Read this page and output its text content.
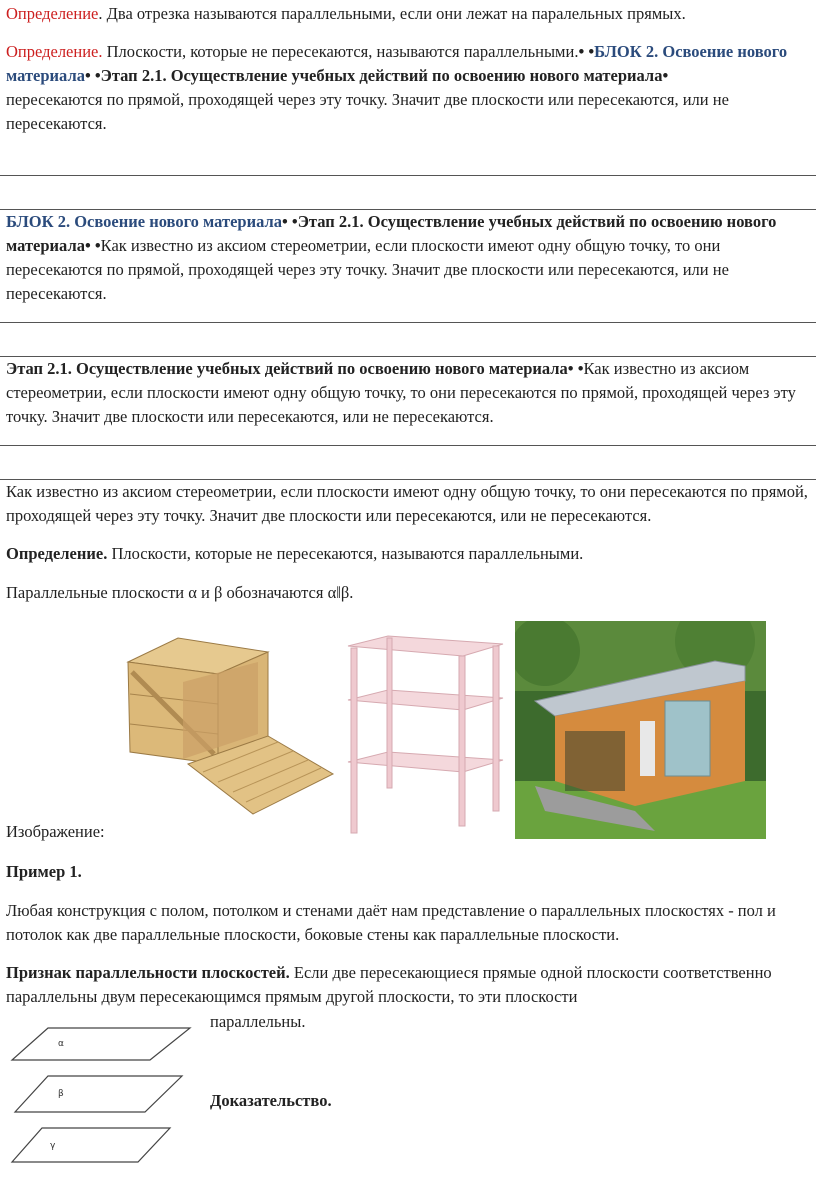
Определение. Два отрезка называются параллельными, если они лежат на паралельных прямых.

Определение. Плоскости, которые не пересекаются, называются параллельными.• •БЛОК 2. Освоение нового материала• •Этап 2.1. Осуществление учебных действий по освоению нового материала•
пересекаются по прямой, проходящей через эту точку. Значит две плоскости или пересекаются, или не пересекаются.

БЛОК 2. Освоение нового материала• •Этап 2.1. Осуществление учебных действий по освоению нового материала• •Как известно из аксиом стереометрии, если плоскости имеют одну общую точку, то они пересекаются по прямой, проходящей через эту точку. Значит две плоскости или пересекаются, или не пересекаются.

Этап 2.1. Осуществление учебных действий по освоению нового материала• •Как известно из аксиом стереометрии, если плоскости имеют одну общую точку, то они пересекаются по прямой, проходящей через эту точку. Значит две плоскости или пересекаются, или не пересекаются.

Как известно из аксиом стереометрии, если плоскости имеют одну общую точку, то они пересекаются по прямой, проходящей через эту точку. Значит две плоскости или пересекаются, или не пересекаются.

Определение. Плоскости, которые не пересекаются, называются параллельными.

Параллельные плоскости α и β обозначаются α‖β.

Изображение:

Пример 1.

Любая конструкция с полом, потолком и стенами даёт нам представление о параллельных плоскостях - пол и потолок как две параллельные плоскости, боковые стены как параллельные плоскости.

Признак параллельности плоскостей. Если две пересекающиеся прямые одной плоскости соответственно параллельны двум пересекающимся прямым другой плоскости, то эти плоскости

параллельны.

Доказательство.

α
β
γ
